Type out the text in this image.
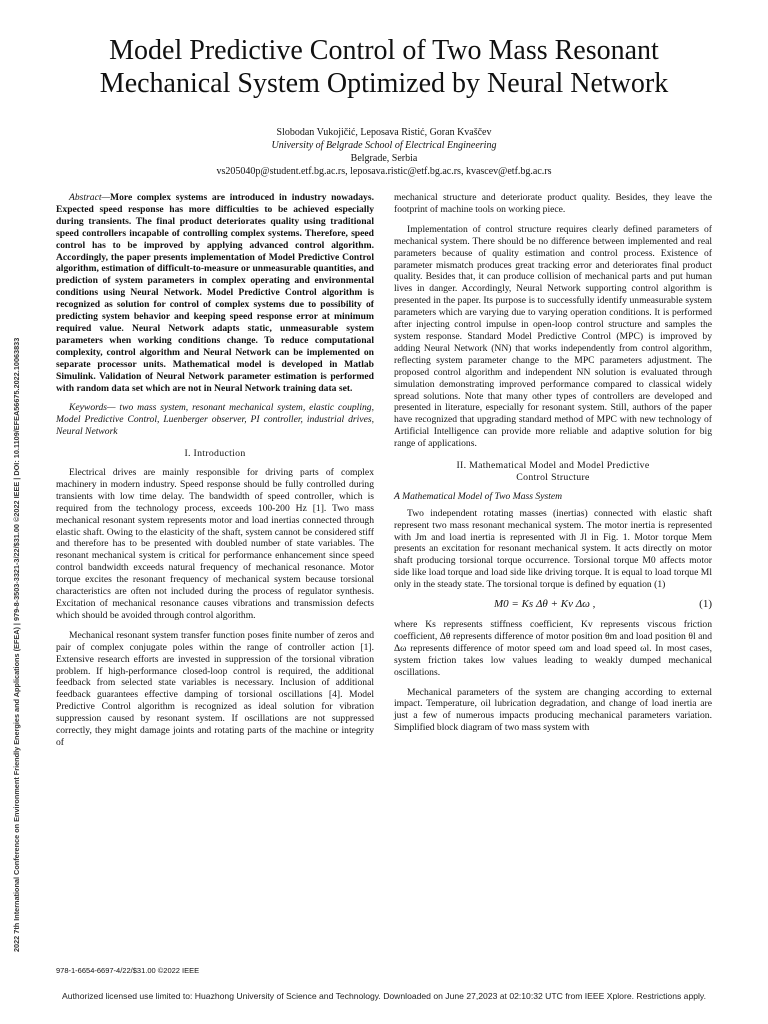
2022 7th International Conference on Environment Friendly Energies and Applications (EFEA) | 979-8-3503-3321-3/22/$31.00 ©2022 IEEE | DOI: 10.1109/EFEA56675.2022.10063833
Model Predictive Control of Two Mass Resonant
Mechanical System Optimized by Neural Network
Slobodan Vukojičić, Leposava Ristić, Goran Kvaščev
University of Belgrade School of Electrical Engineering
Belgrade, Serbia
vs205040p@student.etf.bg.ac.rs, leposava.ristic@etf.bg.ac.rs, kvascev@etf.bg.ac.rs

Abstract—More complex systems are introduced in industry nowadays. Expected speed response has more difficulties to be achieved especially during transients. The final product deteriorates quality using traditional speed controllers incapable of controlling complex systems. Therefore, speed control has to be improved by applying advanced control algorithm. Accordingly, the paper presents implementation of Model Predictive Control algorithm, estimation of difficult-to-measure or unmeasurable quantities, and prediction of system parameters in complex operating and environmental conditions using Neural Network. Model Predictive Control algorithm is recognized as solution for control of complex systems due to possibility of predicting system behavior and keeping speed response error at minimum required value. Neural Network adapts static, unmeasurable system parameters when working conditions change. To reduce computational complexity, control algorithm and Neural Network can be implemented on separate processor units. Mathematical model is developed in Matlab Simulink. Validation of Neural Network parameter estimation is performed with random data set which are not in Neural Network training data set.

Keywords— two mass system, resonant mechanical system, elastic coupling, Model Predictive Control, Luenberger observer, PI controller, industrial drives, Neural Network

I. Introduction

Electrical drives are mainly responsible for driving parts of complex machinery in modern industry. Speed response should be fully controlled during transients with low time delay. The bandwidth of speed controller, which is required from the technology process, exceeds 100-200 Hz [1]. Two mass mechanical resonant system represents motor and load inertias connected through elastic shaft. Owing to the elasticity of the shaft, system cannot be considered stiff and therefore has to be presented with doubled number of state variables. The resonant mechanical system is critical for performance enhancement since speed control bandwidth exceeds natural frequency of mechanical resonance. Motor torque excites the resonant frequency of mechanical system because torsional characteristics are often not included during the process of regulator synthesis. Excitation of mechanical resonance causes vibrations and transmission defects which should be avoided through control algorithm.

Mechanical resonant system transfer function poses finite number of zeros and pair of complex conjugate poles within the range of controller action [1]. Extensive research efforts are invested in suppression of the torsional vibration problem. If high-performance closed-loop control is required, the additional feedback from selected state variables is necessary. Inclusion of additional feedback guarantees effective damping of torsional oscillations [4]. Model Predictive Control algorithm is recognized as ideal solution for vibration suppression caused by resonant system. If oscillations are not suppressed correctly, they might damage joints and rotating parts of the machine or integrity of

mechanical structure and deteriorate product quality. Besides, they leave the footprint of machine tools on working piece.

Implementation of control structure requires clearly defined parameters of mechanical system. There should be no difference between implemented and real parameters because of quality estimation and control process. Existence of parameter mismatch produces great tracking error and deteriorates final product quality. Besides that, it can produce collision of mechanical parts and put human lives in danger. Accordingly, Neural Network supporting control algorithm is presented in the paper. Its purpose is to successfully identify unmeasurable system parameters which are varying due to varying operation conditions. It is performed after injecting control impulse in open-loop control structure and samples the system response. Standard Model Predictive Control (MPC) is improved by adding Neural Network (NN) that works independently from control algorithm, reflecting system parameter change to the MPC parameters adjustment. The proposed control algorithm and independent NN solution is evaluated through simulation demonstrating improved performance compared to classical widely spread solutions. Note that many other types of controllers are developed and presented in literature, especially for resonant system. Still, authors of the paper have recognized that upgrading standard method of MPC with new technology of Artificial Intelligence can provide more reliable and adaptive solution for big range of applications.

II. Mathematical Model and Model Predictive
Control Structure
A Mathematical Model of Two Mass System

Two independent rotating masses (inertias) connected with elastic shaft represent two mass resonant mechanical system. The motor inertia is represented with Jm and load inertia is represented with Jl in Fig. 1. Motor torque Mem presents an excitation for resonant mechanical system. It acts directly on motor shaft producing torsional torque occurrence. Torsional torque M0 affects motor side like load torque and load side like driving torque. It is equal to load torque Ml only in the steady state. The torsional torque is defined by equation (1)

M0 = Ks Δθ + Kv Δω ,	(1)

where Ks represents stiffness coefficient, Kv represents viscous friction coefficient, Δθ represents difference of motor position θm and load position θl and Δω represents difference of motor speed ωm and load speed ωl. In most cases, system friction takes low values leading to weakly dumped mechanical oscillations.

Mechanical parameters of the system are changing according to external impact. Temperature, oil lubrication degradation, and change of load inertia are just a few of numerous impacts producing mechanical parameters variation. Simplified block diagram of two mass system with

978-1-6654-6697-4/22/$31.00 ©2022 IEEE
Authorized licensed use limited to: Huazhong University of Science and Technology. Downloaded on June 27,2023 at 02:10:32 UTC from IEEE Xplore. Restrictions apply.
